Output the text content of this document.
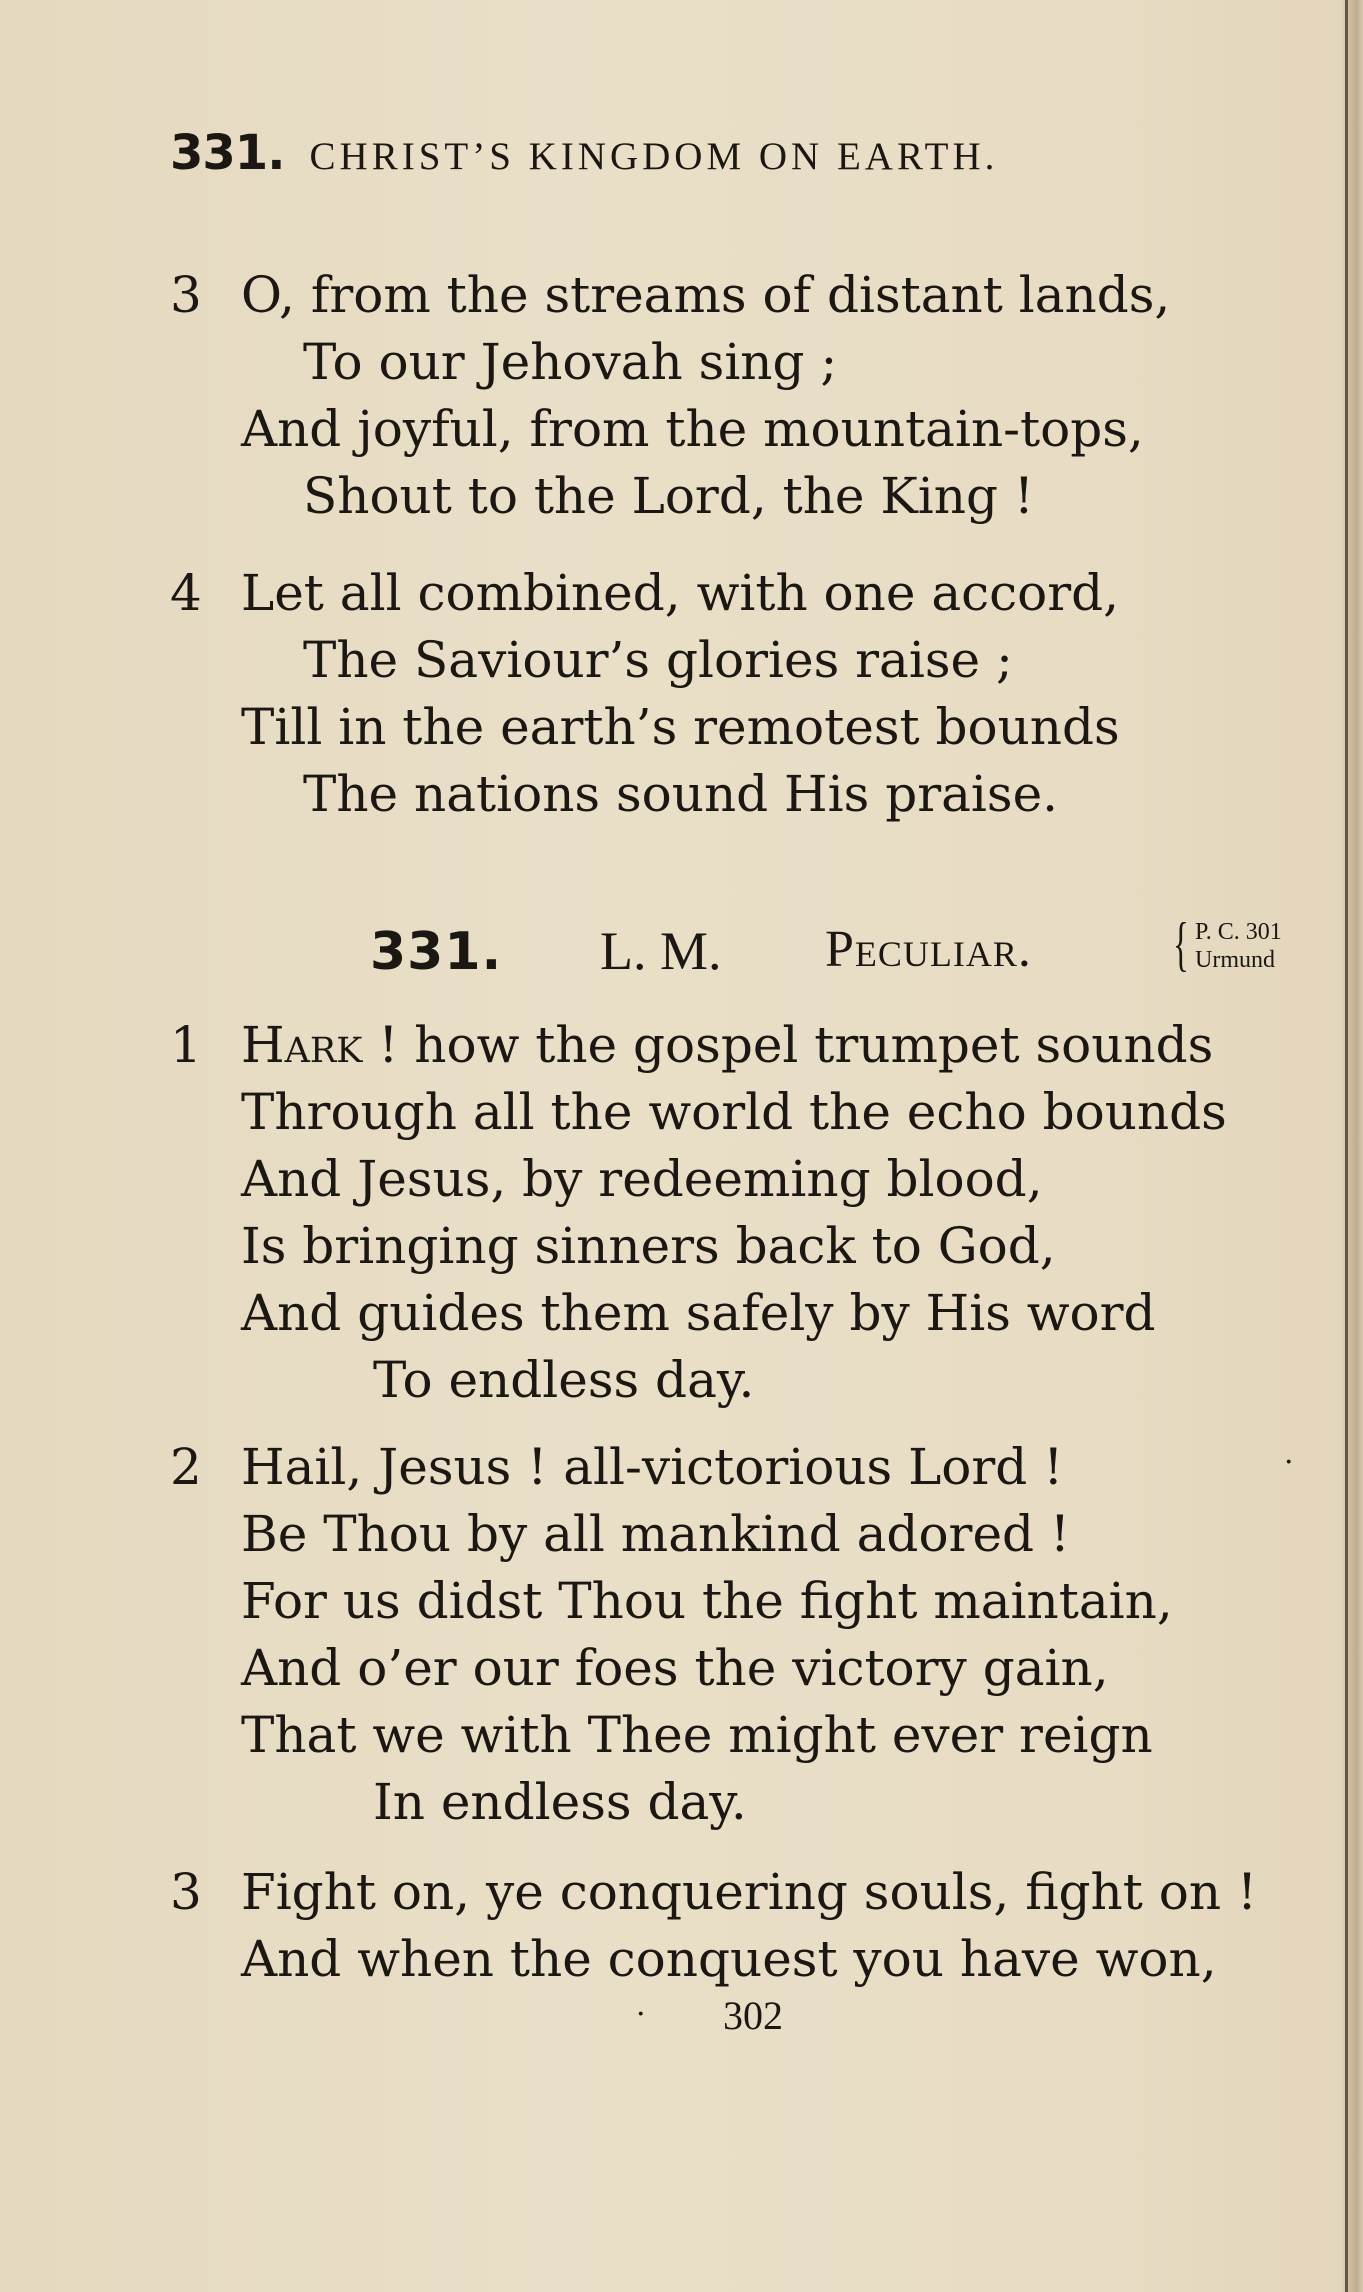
331. CHRIST’S KINGDOM ON EARTH.
3 O, from the streams of distant lands,
To our Jehovah sing ;
And joyful, from the mountain-tops,
Shout to the Lord, the King !
4 Let all combined, with one accord,
The Saviour’s glories raise ;
Till in the earth’s remotest bounds
The nations sound His praise.
331. L. M. Peculiar. { P. C. 301
Urmund
1 Hark ! how the gospel trumpet sounds
Through all the world the echo bounds
And Jesus, by redeeming blood,
Is bringing sinners back to God,
And guides them safely by His word
To endless day.
2 Hail, Jesus ! all-victorious Lord !
Be Thou by all mankind adored !
For us didst Thou the fight maintain,
And o’er our foes the victory gain,
That we with Thee might ever reign
In endless day.
3 Fight on, ye conquering souls, fight on !
And when the conquest you have won,
·
· 302
